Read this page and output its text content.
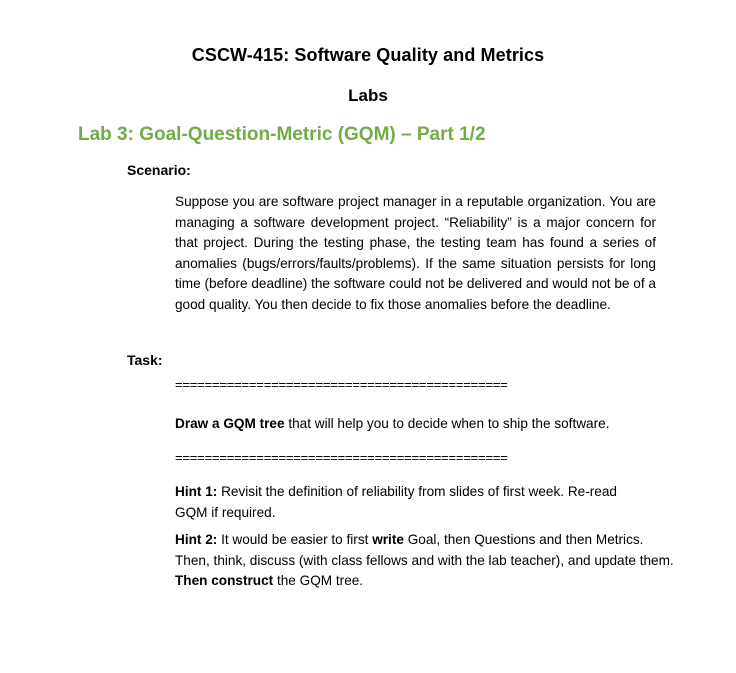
CSCW-415: Software Quality and Metrics
Labs
Lab 3: Goal-Question-Metric (GQM) – Part 1/2
Scenario:
Suppose you are software project manager in a reputable organization. You are managing a software development project. “Reliability” is a major concern for that project. During the testing phase, the testing team has found a series of anomalies (bugs/errors/faults/problems). If the same situation persists for long time (before deadline) the software could not be delivered and would not be of a good quality. You then decide to fix those anomalies before the deadline.
Task:
=============================================
Draw a GQM tree that will help you to decide when to ship the software.
=============================================
Hint 1: Revisit the definition of reliability from slides of first week. Re-read GQM if required.
Hint 2: It would be easier to first write Goal, then Questions and then Metrics. Then, think, discuss (with class fellows and with the lab teacher), and update them. Then construct the GQM tree.
